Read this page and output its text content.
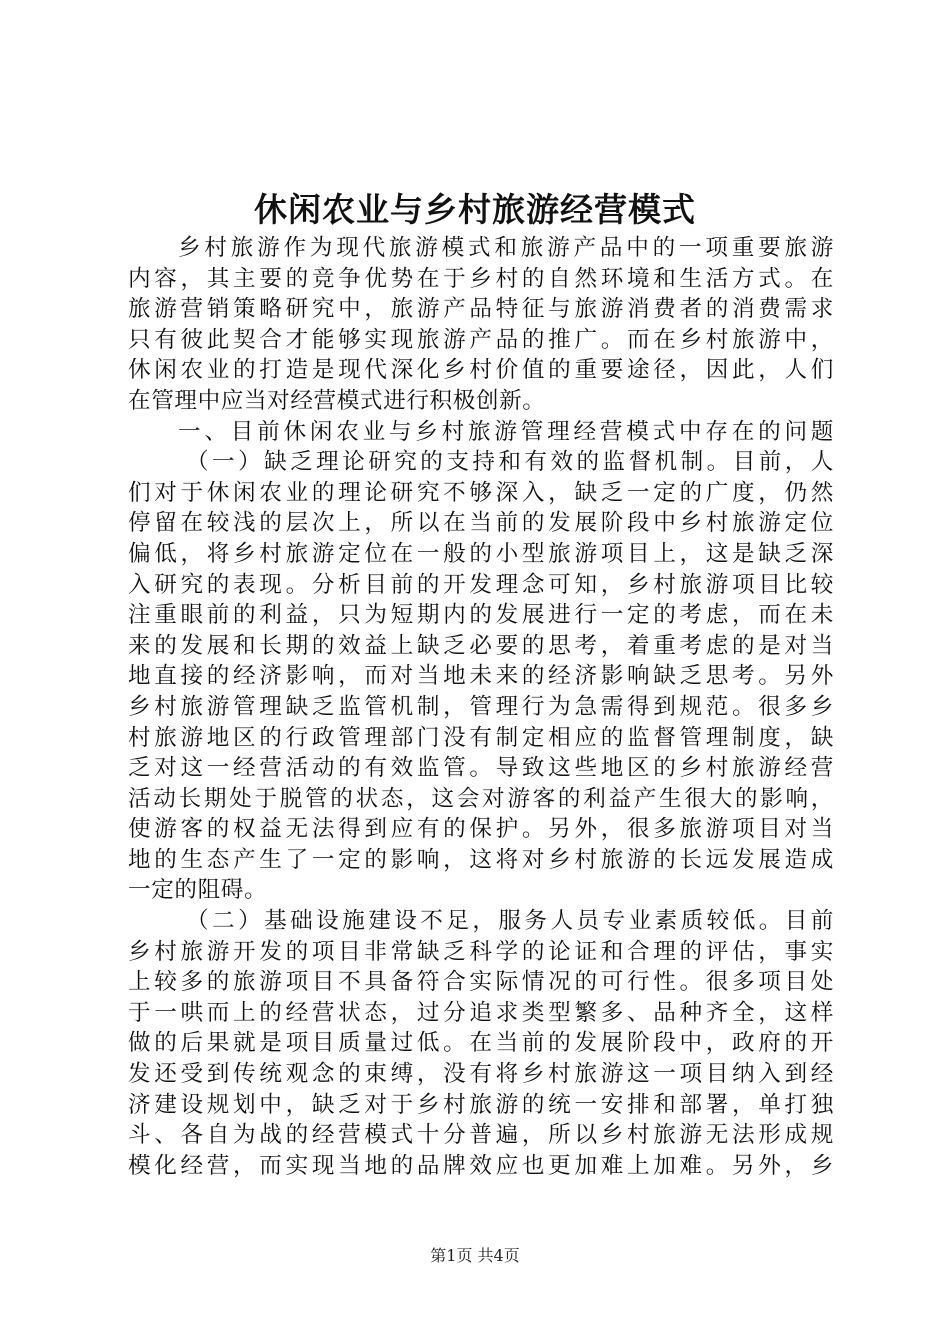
休闲农业与乡村旅游经营模式
乡村旅游作为现代旅游模式和旅游产品中的一项重要旅游
内容，其主要的竞争优势在于乡村的自然环境和生活方式。在
旅游营销策略研究中，旅游产品特征与旅游消费者的消费需求
只有彼此契合才能够实现旅游产品的推广。而在乡村旅游中，
休闲农业的打造是现代深化乡村价值的重要途径，因此，人们
在管理中应当对经营模式进行积极创新。
一、目前休闲农业与乡村旅游管理经营模式中存在的问题
（一）缺乏理论研究的支持和有效的监督机制。目前，人
们对于休闲农业的理论研究不够深入，缺乏一定的广度，仍然
停留在较浅的层次上，所以在当前的发展阶段中乡村旅游定位
偏低，将乡村旅游定位在一般的小型旅游项目上，这是缺乏深
入研究的表现。分析目前的开发理念可知，乡村旅游项目比较
注重眼前的利益，只为短期内的发展进行一定的考虑，而在未
来的发展和长期的效益上缺乏必要的思考，着重考虑的是对当
地直接的经济影响，而对当地未来的经济影响缺乏思考。另外
乡村旅游管理缺乏监管机制，管理行为急需得到规范。很多乡
村旅游地区的行政管理部门没有制定相应的监督管理制度，缺
乏对这一经营活动的有效监管。导致这些地区的乡村旅游经营
活动长期处于脱管的状态，这会对游客的利益产生很大的影响，
使游客的权益无法得到应有的保护。另外，很多旅游项目对当
地的生态产生了一定的影响，这将对乡村旅游的长远发展造成
一定的阻碍。
（二）基础设施建设不足，服务人员专业素质较低。目前
乡村旅游开发的项目非常缺乏科学的论证和合理的评估，事实
上较多的旅游项目不具备符合实际情况的可行性。很多项目处
于一哄而上的经营状态，过分追求类型繁多、品种齐全，这样
做的后果就是项目质量过低。在当前的发展阶段中，政府的开
发还受到传统观念的束缚，没有将乡村旅游这一项目纳入到经
济建设规划中，缺乏对于乡村旅游的统一安排和部署，单打独
斗、各自为战的经营模式十分普遍，所以乡村旅游无法形成规
模化经营，而实现当地的品牌效应也更加难上加难。另外，乡
第1页 共4页
